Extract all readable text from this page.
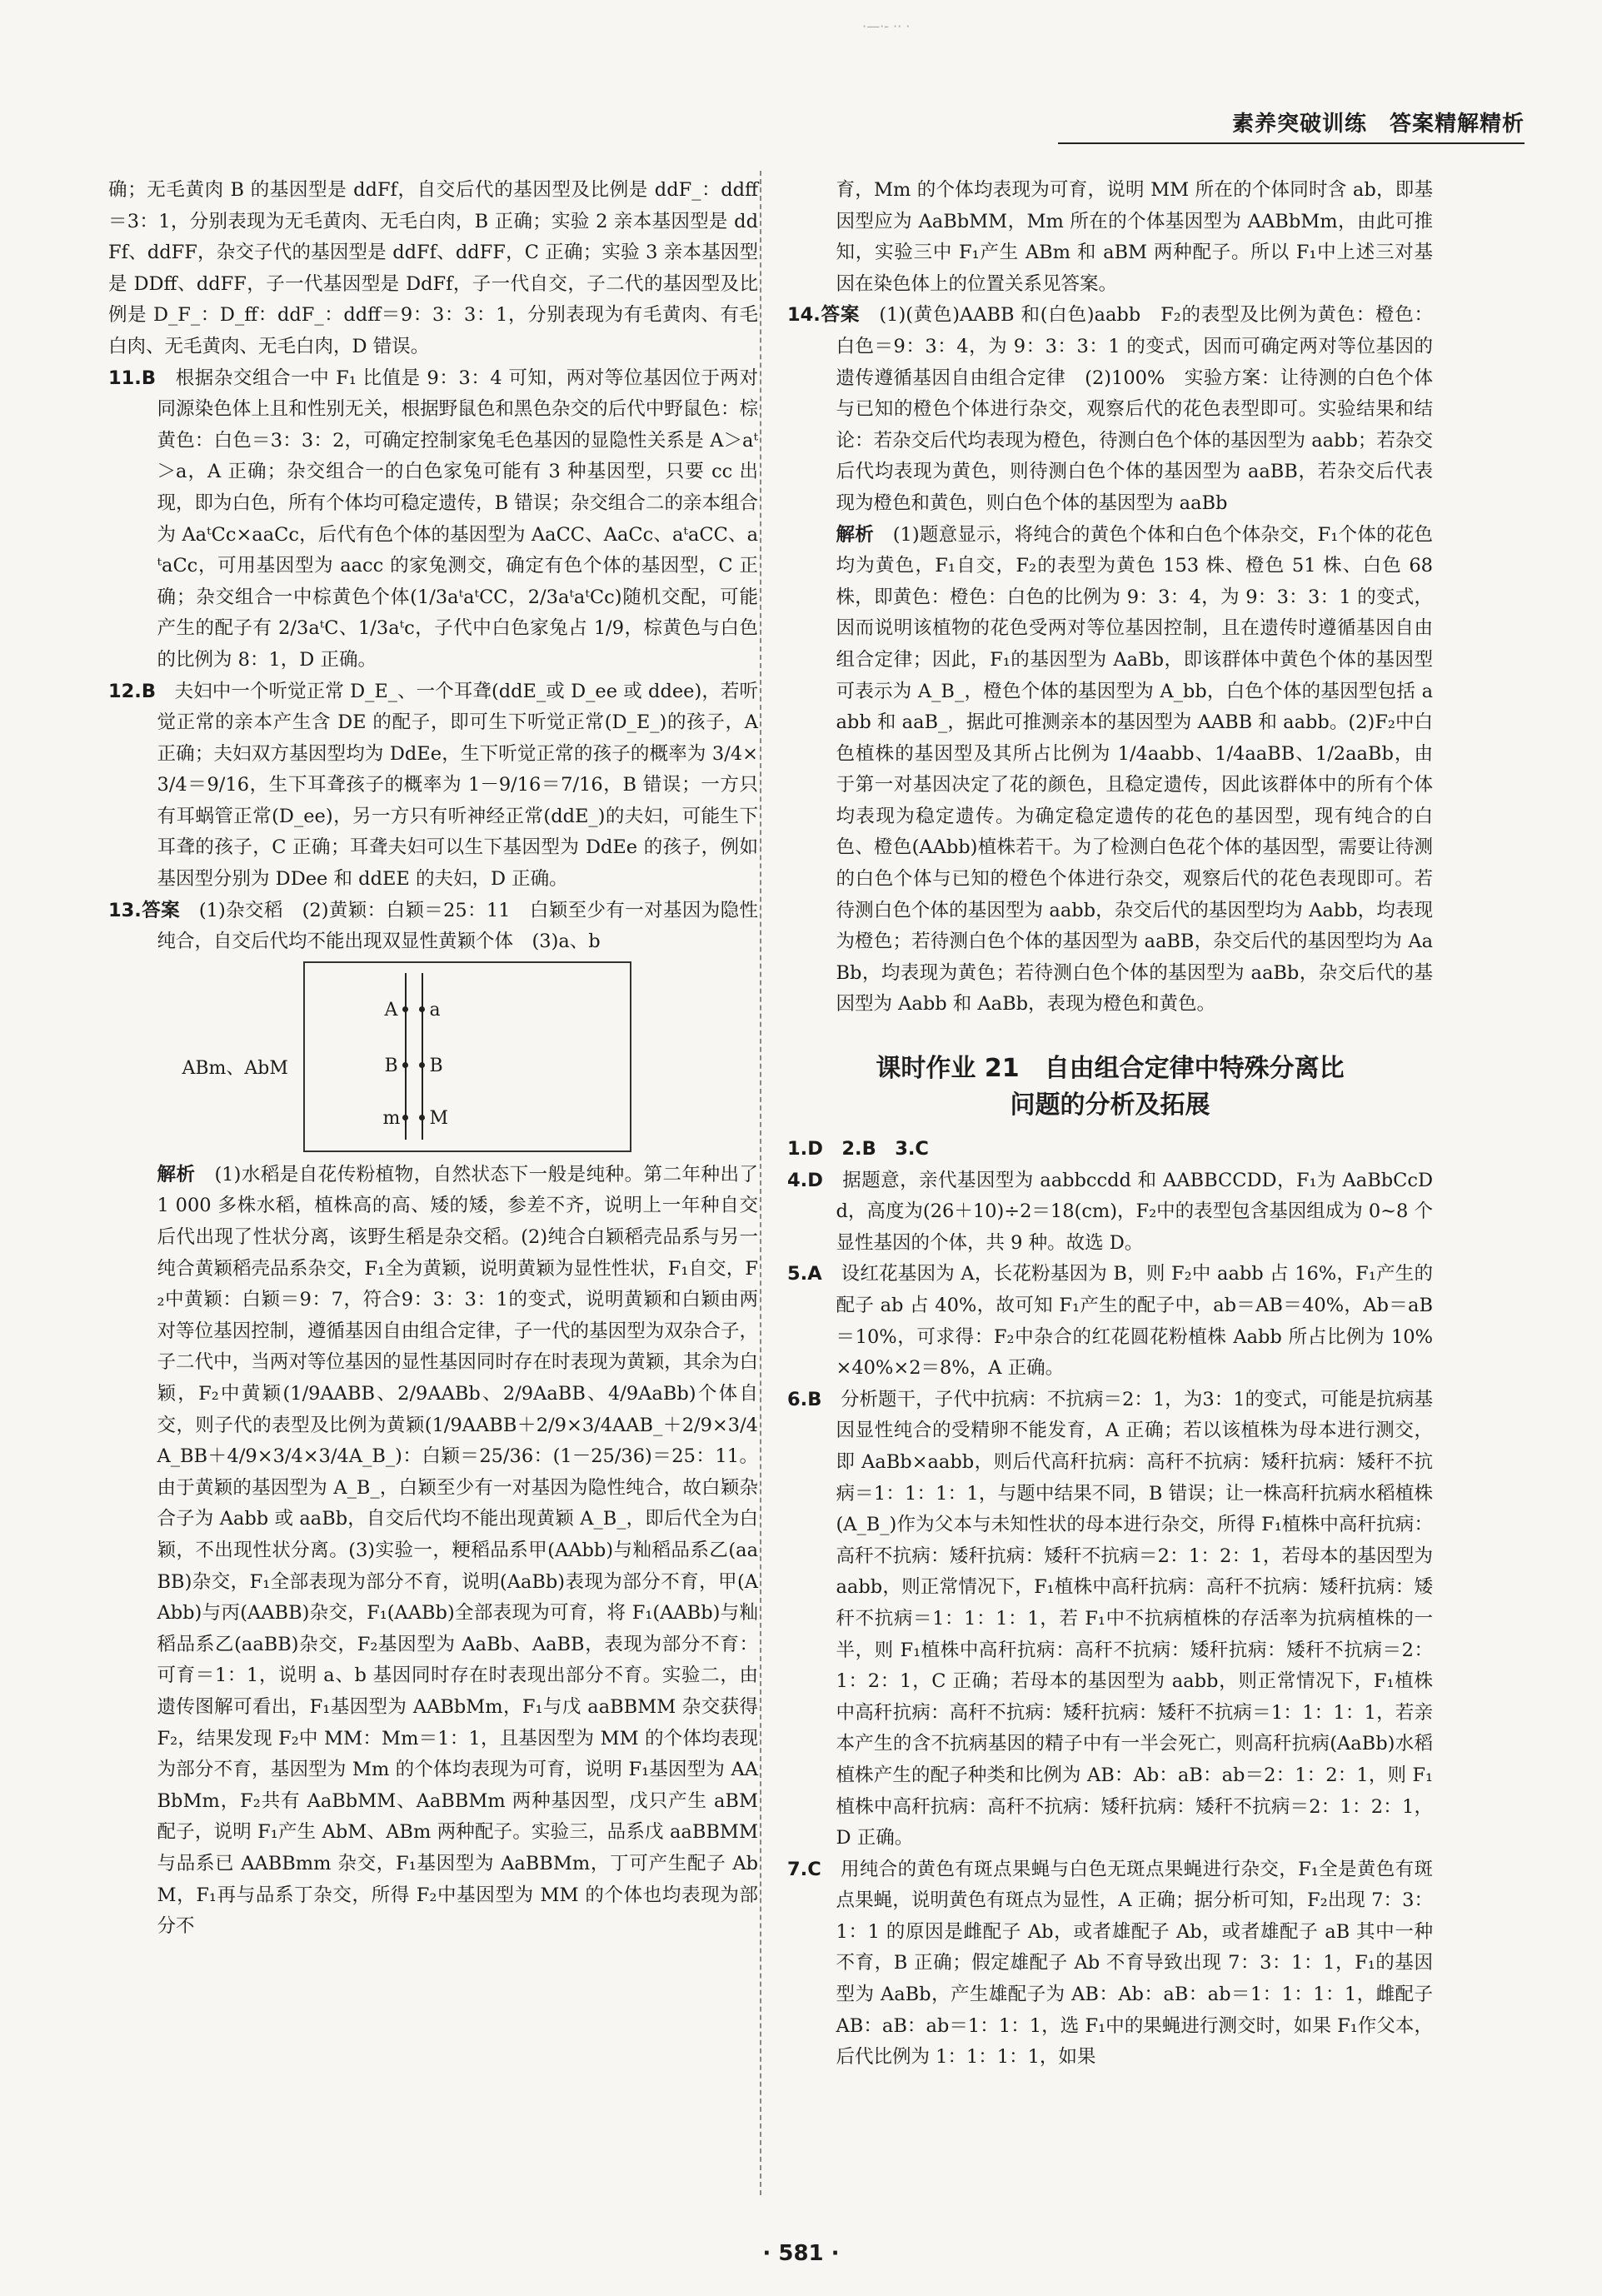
·—·- ·· ·
素养突破训练　答案精解精析

确；无毛黄肉 B 的基因型是 ddFf，自交后代的基因型及比例是 ddF_：ddff＝3：1，分别表现为无毛黄肉、无毛白肉，B 正确；实验 2 亲本基因型是 ddFf、ddFF，杂交子代的基因型是 ddFf、ddFF，C 正确；实验 3 亲本基因型是 DDff、ddFF，子一代基因型是 DdFf，子一代自交，子二代的基因型及比例是 D_F_：D_ff：ddF_：ddff＝9：3：3：1，分别表现为有毛黄肉、有毛白肉、无毛黄肉、无毛白肉，D 错误。

11.B　 根据杂交组合一中 F₁ 比值是 9：3：4 可知，两对等位基因位于两对同源染色体上且和性别无关，根据野鼠色和黑色杂交的后代中野鼠色：棕黄色：白色＝3：3：2，可确定控制家兔毛色基因的显隐性关系是 A＞aᵗ＞a，A 正确；杂交组合一的白色家兔可能有 3 种基因型，只要 cc 出现，即为白色，所有个体均可稳定遗传，B 错误；杂交组合二的亲本组合为 AaᵗCc×aaCc，后代有色个体的基因型为 AaCC、AaCc、aᵗaCC、aᵗaCc，可用基因型为 aacc 的家兔测交，确定有色个体的基因型，C 正确；杂交组合一中棕黄色个体(1/3aᵗaᵗCC，2/3aᵗaᵗCc)随机交配，可能产生的配子有 2/3aᵗC、1/3aᵗc，子代中白色家兔占 1/9，棕黄色与白色的比例为 8：1，D 正确。

12.B　 夫妇中一个听觉正常 D_E_、一个耳聋(ddE_或 D_ee 或 ddee)，若听觉正常的亲本产生含 DE 的配子，即可生下听觉正常(D_E_)的孩子，A 正确；夫妇双方基因型均为 DdEe，生下听觉正常的孩子的概率为 3/4×3/4＝9/16，生下耳聋孩子的概率为 1－9/16＝7/16，B 错误；一方只有耳蜗管正常(D_ee)，另一方只有听神经正常(ddE_)的夫妇，可能生下耳聋的孩子，C 正确；耳聋夫妇可以生下基因型为 DdEe 的孩子，例如基因型分别为 DDee 和 ddEE 的夫妇，D 正确。

13.答案　 (1)杂交稻　(2)黄颖：白颖＝25：11　白颖至少有一对基因为隐性纯合，自交后代均不能出现双显性黄颖个体　(3)a、b

ABm、AbM
A a
B B
m M

解析　 (1)水稻是自花传粉植物，自然状态下一般是纯种。第二年种出了 1 000 多株水稻，植株高的高、矮的矮，参差不齐，说明上一年种自交后代出现了性状分离，该野生稻是杂交稻。(2)纯合白颖稻壳品系与另一纯合黄颖稻壳品系杂交，F₁全为黄颖，说明黄颖为显性性状，F₁自交，F₂中黄颖：白颖＝9：7，符合9：3：3：1的变式，说明黄颖和白颖由两对等位基因控制，遵循基因自由组合定律，子一代的基因型为双杂合子，子二代中，当两对等位基因的显性基因同时存在时表现为黄颖，其余为白颖，F₂中黄颖(1/9AABB、2/9AABb、2/9AaBB、4/9AaBb)个体自交，则子代的表型及比例为黄颖(1/9AABB＋2/9×3/4AAB_＋2/9×3/4A_BB＋4/9×3/4×3/4A_B_)：白颖＝25/36：(1－25/36)＝25：11。由于黄颖的基因型为 A_B_，白颖至少有一对基因为隐性纯合，故白颖杂合子为 Aabb 或 aaBb，自交后代均不能出现黄颖 A_B_，即后代全为白颖，不出现性状分离。(3)实验一，粳稻品系甲(AAbb)与籼稻品系乙(aaBB)杂交，F₁全部表现为部分不育，说明(AaBb)表现为部分不育，甲(AAbb)与丙(AABB)杂交，F₁(AABb)全部表现为可育，将 F₁(AABb)与籼稻品系乙(aaBB)杂交，F₂基因型为 AaBb、AaBB，表现为部分不育：可育＝1：1，说明 a、b 基因同时存在时表现出部分不育。实验二，由遗传图解可看出，F₁基因型为 AABbMm，F₁与戊 aaBBMM 杂交获得 F₂，结果发现 F₂中 MM：Mm＝1：1，且基因型为 MM 的个体均表现为部分不育，基因型为 Mm 的个体均表现为可育，说明 F₁基因型为 AABbMm，F₂共有 AaBbMM、AaBBMm 两种基因型，戊只产生 aBM 配子，说明 F₁产生 AbM、ABm 两种配子。实验三，品系戊 aaBBMM 与品系已 AABBmm 杂交，F₁基因型为 AaBBMm，丁可产生配子 AbM，F₁再与品系丁杂交，所得 F₂中基因型为 MM 的个体也均表现为部分不

育，Mm 的个体均表现为可育，说明 MM 所在的个体同时含 ab，即基因型应为 AaBbMM，Mm 所在的个体基因型为 AABbMm，由此可推知，实验三中 F₁产生 ABm 和 aBM 两种配子。所以 F₁中上述三对基因在染色体上的位置关系见答案。

14.答案　 (1)(黄色)AABB 和(白色)aabb　F₂的表型及比例为黄色：橙色：白色＝9：3：4，为 9：3：3：1 的变式，因而可确定两对等位基因的遗传遵循基因自由组合定律　(2)100%　实验方案：让待测的白色个体与已知的橙色个体进行杂交，观察后代的花色表型即可。实验结果和结论：若杂交后代均表现为橙色，待测白色个体的基因型为 aabb；若杂交后代均表现为黄色，则待测白色个体的基因型为 aaBB，若杂交后代表现为橙色和黄色，则白色个体的基因型为 aaBb

解析　 (1)题意显示，将纯合的黄色个体和白色个体杂交，F₁个体的花色均为黄色，F₁自交，F₂的表型为黄色 153 株、橙色 51 株、白色 68 株，即黄色：橙色：白色的比例为 9：3：4，为 9：3：3：1 的变式，因而说明该植物的花色受两对等位基因控制，且在遗传时遵循基因自由组合定律；因此，F₁的基因型为 AaBb，即该群体中黄色个体的基因型可表示为 A_B_，橙色个体的基因型为 A_bb，白色个体的基因型包括 aabb 和 aaB_，据此可推测亲本的基因型为 AABB 和 aabb。(2)F₂中白色植株的基因型及其所占比例为 1/4aabb、1/4aaBB、1/2aaBb，由于第一对基因决定了花的颜色，且稳定遗传，因此该群体中的所有个体均表现为稳定遗传。为确定稳定遗传的花色的基因型，现有纯合的白色、橙色(AAbb)植株若干。为了检测白色花个体的基因型，需要让待测的白色个体与已知的橙色个体进行杂交，观察后代的花色表现即可。若待测白色个体的基因型为 aabb，杂交后代的基因型均为 Aabb，均表现为橙色；若待测白色个体的基因型为 aaBB，杂交后代的基因型均为 AaBb，均表现为黄色；若待测白色个体的基因型为 aaBb，杂交后代的基因型为 Aabb 和 AaBb，表现为橙色和黄色。

课时作业 21　自由组合定律中特殊分离比
问题的分析及拓展

1.D　2.B　3.C

4.D　 据题意，亲代基因型为 aabbccdd 和 AABBCCDD，F₁为 AaBbCcDd，高度为(26＋10)÷2＝18(cm)，F₂中的表型包含基因组成为 0~8 个显性基因的个体，共 9 种。故选 D。

5.A　 设红花基因为 A，长花粉基因为 B，则 F₂中 aabb 占 16%，F₁产生的配子 ab 占 40%，故可知 F₁产生的配子中，ab＝AB＝40%，Ab＝aB＝10%，可求得：F₂中杂合的红花圆花粉植株 Aabb 所占比例为 10%×40%×2＝8%，A 正确。

6.B　 分析题干，子代中抗病：不抗病＝2：1，为3：1的变式，可能是抗病基因显性纯合的受精卵不能发育，A 正确；若以该植株为母本进行测交，即 AaBb×aabb，则后代高秆抗病：高秆不抗病：矮秆抗病：矮秆不抗病＝1：1：1：1，与题中结果不同，B 错误；让一株高秆抗病水稻植株(A_B_)作为父本与未知性状的母本进行杂交，所得 F₁植株中高秆抗病：高秆不抗病：矮秆抗病：矮秆不抗病＝2：1：2：1，若母本的基因型为 aabb，则正常情况下，F₁植株中高秆抗病：高秆不抗病：矮秆抗病：矮秆不抗病＝1：1：1：1，若 F₁中不抗病植株的存活率为抗病植株的一半，则 F₁植株中高秆抗病：高秆不抗病：矮秆抗病：矮秆不抗病＝2：1：2：1，C 正确；若母本的基因型为 aabb，则正常情况下，F₁植株中高秆抗病：高秆不抗病：矮秆抗病：矮秆不抗病＝1：1：1：1，若亲本产生的含不抗病基因的精子中有一半会死亡，则高秆抗病(AaBb)水稻植株产生的配子种类和比例为 AB：Ab：aB：ab＝2：1：2：1，则 F₁植株中高秆抗病：高秆不抗病：矮秆抗病：矮秆不抗病＝2：1：2：1，D 正确。

7.C　 用纯合的黄色有斑点果蝇与白色无斑点果蝇进行杂交，F₁全是黄色有斑点果蝇，说明黄色有斑点为显性，A 正确；据分析可知，F₂出现 7：3：1：1 的原因是雌配子 Ab，或者雄配子 Ab，或者雄配子 aB 其中一种不育，B 正确；假定雄配子 Ab 不育导致出现 7：3：1：1，F₁的基因型为 AaBb，产生雄配子为 AB：Ab：aB：ab＝1：1：1：1，雌配子 AB：aB：ab＝1：1：1，选 F₁中的果蝇进行测交时，如果 F₁作父本，后代比例为 1：1：1：1，如果

· 581 ·
